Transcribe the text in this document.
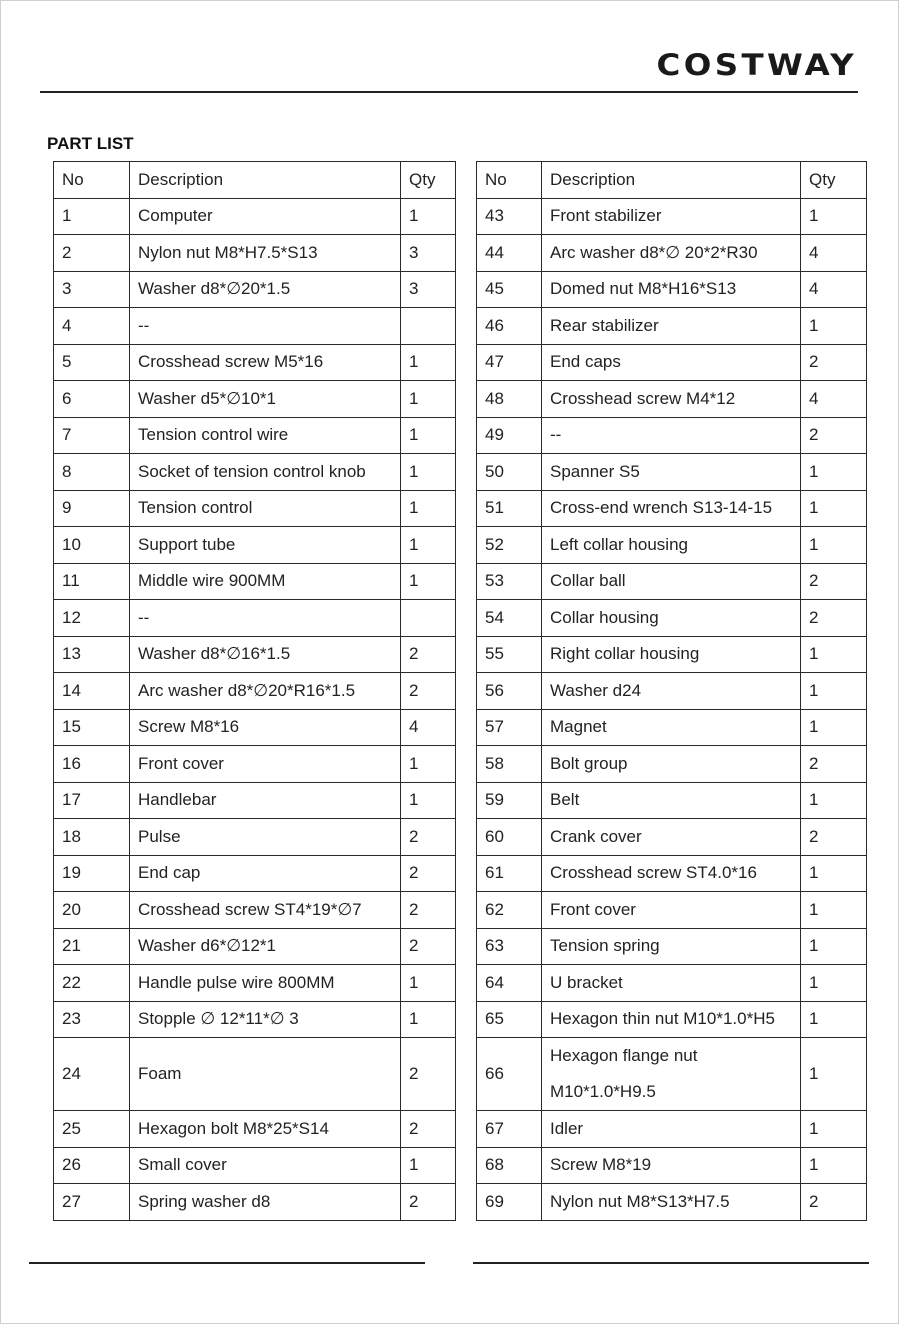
COSTWAY
PART LIST
No	Description	Qty
1	Computer	1
2	Nylon nut M8*H7.5*S13	3
3	Washer d8*∅20*1.5	3
4	--	
5	Crosshead screw M5*16	1
6	Washer d5*∅10*1	1
7	Tension control wire	1
8	Socket of tension control knob	1
9	Tension control	1
10	Support tube	1
11	Middle wire 900MM	1
12	--	
13	Washer d8*∅16*1.5	2
14	Arc washer d8*∅20*R16*1.5	2
15	Screw M8*16	4
16	Front cover	1
17	Handlebar	1
18	Pulse	2
19	End cap	2
20	Crosshead screw ST4*19*∅7	2
21	Washer d6*∅12*1	2
22	Handle pulse wire 800MM	1
23	Stopple ∅ 12*11*∅ 3	1
24	Foam	2
25	Hexagon bolt M8*25*S14	2
26	Small cover	1
27	Spring washer d8	2
No	Description	Qty
43	Front stabilizer	1
44	Arc washer d8*∅ 20*2*R30	4
45	Domed nut M8*H16*S13	4
46	Rear stabilizer	1
47	End caps	2
48	Crosshead screw M4*12	4
49	--	2
50	Spanner S5	1
51	Cross-end wrench S13-14-15	1
52	Left collar housing	1
53	Collar ball	2
54	Collar housing	2
55	Right collar housing	1
56	Washer d24	1
57	Magnet	1
58	Bolt group	2
59	Belt	1
60	Crank cover	2
61	Crosshead screw ST4.0*16	1
62	Front cover	1
63	Tension spring	1
64	U bracket	1
65	Hexagon thin nut M10*1.0*H5	1
66	Hexagon flange nut M10*1.0*H9.5	1
67	Idler	1
68	Screw M8*19	1
69	Nylon nut M8*S13*H7.5	2
